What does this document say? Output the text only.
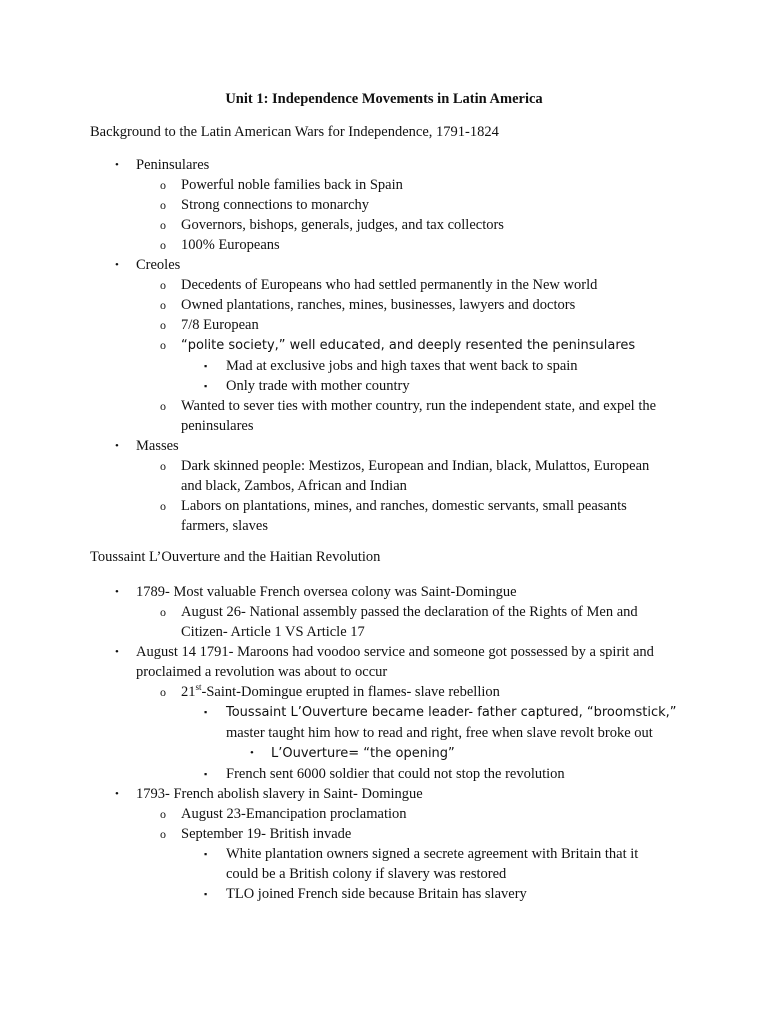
Unit 1: Independence Movements in Latin America
Background to the Latin American Wars for Independence, 1791-1824
• Peninsulares
o Powerful noble families back in Spain
o Strong connections to monarchy
o Governors, bishops, generals, judges, and tax collectors
o 100% Europeans
• Creoles
o Decedents of Europeans who had settled permanently in the New world
o Owned plantations, ranches, mines, businesses, lawyers and doctors
o 7/8 European
o “polite society,” well educated, and deeply resented the peninsulares
▪ Mad at exclusive jobs and high taxes that went back to spain
▪ Only trade with mother country
o Wanted to sever ties with mother country, run the independent state, and expel the
peninsulares
• Masses
o Dark skinned people: Mestizos, European and Indian, black, Mulattos, European
and black, Zambos, African and Indian
o Labors on plantations, mines, and ranches, domestic servants, small peasants
farmers, slaves
Toussaint L’Ouverture and the Haitian Revolution
• 1789- Most valuable French oversea colony was Saint-Domingue
o August 26- National assembly passed the declaration of the Rights of Men and
Citizen- Article 1 VS Article 17
• August 14 1791- Maroons had voodoo service and someone got possessed by a spirit and
proclaimed a revolution was about to occur
o 21st-Saint-Domingue erupted in flames- slave rebellion
▪ Toussaint L’Ouverture became leader- father captured, “broomstick,”
master taught him how to read and right, free when slave revolt broke out
• L’Ouverture= “the opening”
▪ French sent 6000 soldier that could not stop the revolution
• 1793- French abolish slavery in Saint- Domingue
o August 23-Emancipation proclamation
o September 19- British invade
▪ White plantation owners signed a secrete agreement with Britain that it
could be a British colony if slavery was restored
▪ TLO joined French side because Britain has slavery
